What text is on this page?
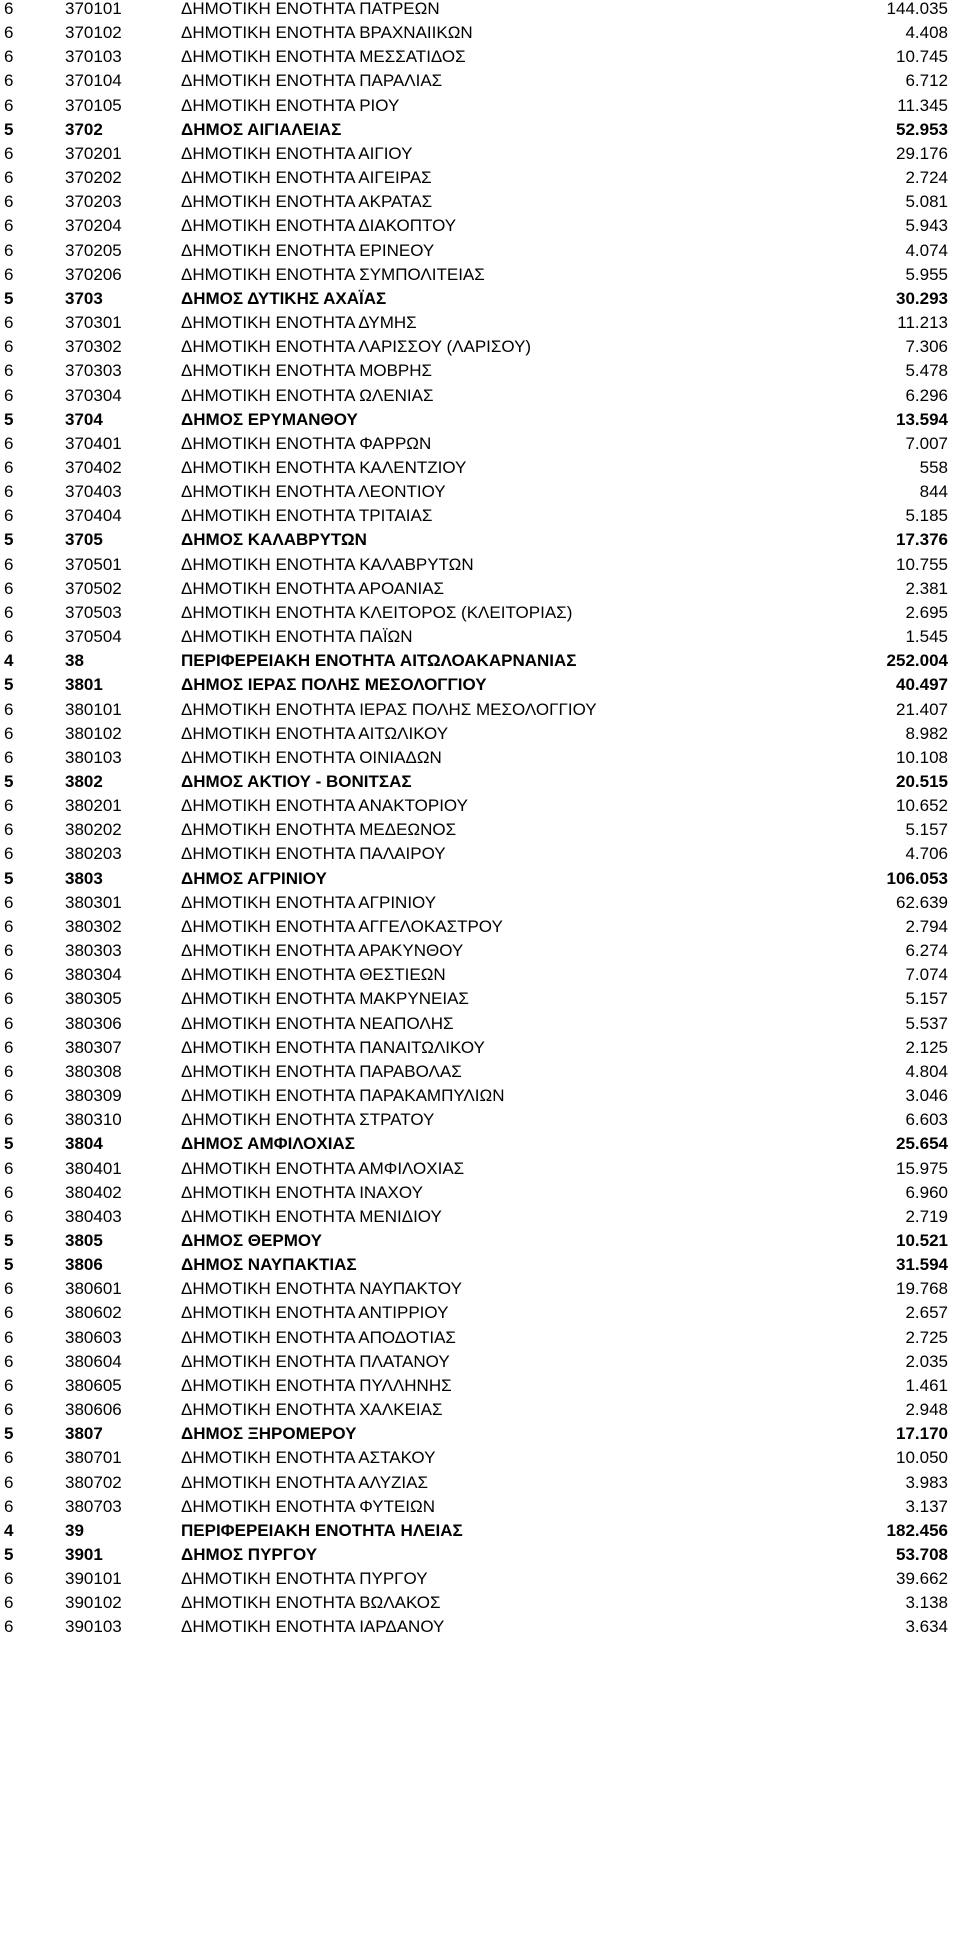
6	370101	ΔΗΜΟΤΙΚΗ ΕΝΟΤΗΤΑ ΠΑΤΡΕΩΝ	144.035
6	370102	ΔΗΜΟΤΙΚΗ ΕΝΟΤΗΤΑ ΒΡΑΧΝΑΙΙΚΩΝ	4.408
6	370103	ΔΗΜΟΤΙΚΗ ΕΝΟΤΗΤΑ ΜΕΣΣΑΤΙΔΟΣ	10.745
6	370104	ΔΗΜΟΤΙΚΗ ΕΝΟΤΗΤΑ ΠΑΡΑΛΙΑΣ	6.712
6	370105	ΔΗΜΟΤΙΚΗ ΕΝΟΤΗΤΑ ΡΙΟΥ	11.345
5	3702	ΔΗΜΟΣ ΑΙΓΙΑΛΕΙΑΣ	52.953
6	370201	ΔΗΜΟΤΙΚΗ ΕΝΟΤΗΤΑ ΑΙΓΙΟΥ	29.176
6	370202	ΔΗΜΟΤΙΚΗ ΕΝΟΤΗΤΑ ΑΙΓΕΙΡΑΣ	2.724
6	370203	ΔΗΜΟΤΙΚΗ ΕΝΟΤΗΤΑ ΑΚΡΑΤΑΣ	5.081
6	370204	ΔΗΜΟΤΙΚΗ ΕΝΟΤΗΤΑ ΔΙΑΚΟΠΤΟΥ	5.943
6	370205	ΔΗΜΟΤΙΚΗ ΕΝΟΤΗΤΑ ΕΡΙΝΕΟΥ	4.074
6	370206	ΔΗΜΟΤΙΚΗ ΕΝΟΤΗΤΑ ΣΥΜΠΟΛΙΤΕΙΑΣ	5.955
5	3703	ΔΗΜΟΣ ΔΥΤΙΚΗΣ ΑΧΑΪΑΣ	30.293
6	370301	ΔΗΜΟΤΙΚΗ ΕΝΟΤΗΤΑ ΔΥΜΗΣ	11.213
6	370302	ΔΗΜΟΤΙΚΗ ΕΝΟΤΗΤΑ ΛΑΡΙΣΣΟΥ (ΛΑΡΙΣΟΥ)	7.306
6	370303	ΔΗΜΟΤΙΚΗ ΕΝΟΤΗΤΑ ΜΟΒΡΗΣ	5.478
6	370304	ΔΗΜΟΤΙΚΗ ΕΝΟΤΗΤΑ ΩΛΕΝΙΑΣ	6.296
5	3704	ΔΗΜΟΣ ΕΡΥΜΑΝΘΟΥ	13.594
6	370401	ΔΗΜΟΤΙΚΗ ΕΝΟΤΗΤΑ ΦΑΡΡΩΝ	7.007
6	370402	ΔΗΜΟΤΙΚΗ ΕΝΟΤΗΤΑ ΚΑΛΕΝΤΖΙΟΥ	558
6	370403	ΔΗΜΟΤΙΚΗ ΕΝΟΤΗΤΑ ΛΕΟΝΤΙΟΥ	844
6	370404	ΔΗΜΟΤΙΚΗ ΕΝΟΤΗΤΑ ΤΡΙΤΑΙΑΣ	5.185
5	3705	ΔΗΜΟΣ ΚΑΛΑΒΡΥΤΩΝ	17.376
6	370501	ΔΗΜΟΤΙΚΗ ΕΝΟΤΗΤΑ ΚΑΛΑΒΡΥΤΩΝ	10.755
6	370502	ΔΗΜΟΤΙΚΗ ΕΝΟΤΗΤΑ ΑΡΟΑΝΙΑΣ	2.381
6	370503	ΔΗΜΟΤΙΚΗ ΕΝΟΤΗΤΑ ΚΛΕΙΤΟΡΟΣ (ΚΛΕΙΤΟΡΙΑΣ)	2.695
6	370504	ΔΗΜΟΤΙΚΗ ΕΝΟΤΗΤΑ ΠΑΪΩΝ	1.545
4	38	ΠΕΡΙΦΕΡΕΙΑΚΗ ΕΝΟΤΗΤΑ ΑΙΤΩΛΟΑΚΑΡΝΑΝΙΑΣ	252.004
5	3801	ΔΗΜΟΣ ΙΕΡΑΣ ΠΟΛΗΣ ΜΕΣΟΛΟΓΓΙΟΥ	40.497
6	380101	ΔΗΜΟΤΙΚΗ ΕΝΟΤΗΤΑ ΙΕΡΑΣ ΠΟΛΗΣ ΜΕΣΟΛΟΓΓΙΟΥ	21.407
6	380102	ΔΗΜΟΤΙΚΗ ΕΝΟΤΗΤΑ ΑΙΤΩΛΙΚΟΥ	8.982
6	380103	ΔΗΜΟΤΙΚΗ ΕΝΟΤΗΤΑ ΟΙΝΙΑΔΩΝ	10.108
5	3802	ΔΗΜΟΣ ΑΚΤΙΟΥ - ΒΟΝΙΤΣΑΣ	20.515
6	380201	ΔΗΜΟΤΙΚΗ ΕΝΟΤΗΤΑ ΑΝΑΚΤΟΡΙΟΥ	10.652
6	380202	ΔΗΜΟΤΙΚΗ ΕΝΟΤΗΤΑ ΜΕΔΕΩΝΟΣ	5.157
6	380203	ΔΗΜΟΤΙΚΗ ΕΝΟΤΗΤΑ ΠΑΛΑΙΡΟΥ	4.706
5	3803	ΔΗΜΟΣ ΑΓΡΙΝΙΟΥ	106.053
6	380301	ΔΗΜΟΤΙΚΗ ΕΝΟΤΗΤΑ ΑΓΡΙΝΙΟΥ	62.639
6	380302	ΔΗΜΟΤΙΚΗ ΕΝΟΤΗΤΑ ΑΓΓΕΛΟΚΑΣΤΡΟΥ	2.794
6	380303	ΔΗΜΟΤΙΚΗ ΕΝΟΤΗΤΑ ΑΡΑΚΥΝΘΟΥ	6.274
6	380304	ΔΗΜΟΤΙΚΗ ΕΝΟΤΗΤΑ ΘΕΣΤΙΕΩΝ	7.074
6	380305	ΔΗΜΟΤΙΚΗ ΕΝΟΤΗΤΑ ΜΑΚΡΥΝΕΙΑΣ	5.157
6	380306	ΔΗΜΟΤΙΚΗ ΕΝΟΤΗΤΑ ΝΕΑΠΟΛΗΣ	5.537
6	380307	ΔΗΜΟΤΙΚΗ ΕΝΟΤΗΤΑ ΠΑΝΑΙΤΩΛΙΚΟΥ	2.125
6	380308	ΔΗΜΟΤΙΚΗ ΕΝΟΤΗΤΑ ΠΑΡΑΒΟΛΑΣ	4.804
6	380309	ΔΗΜΟΤΙΚΗ ΕΝΟΤΗΤΑ ΠΑΡΑΚΑΜΠΥΛΙΩΝ	3.046
6	380310	ΔΗΜΟΤΙΚΗ ΕΝΟΤΗΤΑ ΣΤΡΑΤΟΥ	6.603
5	3804	ΔΗΜΟΣ ΑΜΦΙΛΟΧΙΑΣ	25.654
6	380401	ΔΗΜΟΤΙΚΗ ΕΝΟΤΗΤΑ ΑΜΦΙΛΟΧΙΑΣ	15.975
6	380402	ΔΗΜΟΤΙΚΗ ΕΝΟΤΗΤΑ ΙΝΑΧΟΥ	6.960
6	380403	ΔΗΜΟΤΙΚΗ ΕΝΟΤΗΤΑ ΜΕΝΙΔΙΟΥ	2.719
5	3805	ΔΗΜΟΣ ΘΕΡΜΟΥ	10.521
5	3806	ΔΗΜΟΣ ΝΑΥΠΑΚΤΙΑΣ	31.594
6	380601	ΔΗΜΟΤΙΚΗ ΕΝΟΤΗΤΑ ΝΑΥΠΑΚΤΟΥ	19.768
6	380602	ΔΗΜΟΤΙΚΗ ΕΝΟΤΗΤΑ ΑΝΤΙΡΡΙΟΥ	2.657
6	380603	ΔΗΜΟΤΙΚΗ ΕΝΟΤΗΤΑ ΑΠΟΔΟΤΙΑΣ	2.725
6	380604	ΔΗΜΟΤΙΚΗ ΕΝΟΤΗΤΑ ΠΛΑΤΑΝΟΥ	2.035
6	380605	ΔΗΜΟΤΙΚΗ ΕΝΟΤΗΤΑ ΠΥΛΛΗΝΗΣ	1.461
6	380606	ΔΗΜΟΤΙΚΗ ΕΝΟΤΗΤΑ ΧΑΛΚΕΙΑΣ	2.948
5	3807	ΔΗΜΟΣ ΞΗΡΟΜΕΡΟΥ	17.170
6	380701	ΔΗΜΟΤΙΚΗ ΕΝΟΤΗΤΑ ΑΣΤΑΚΟΥ	10.050
6	380702	ΔΗΜΟΤΙΚΗ ΕΝΟΤΗΤΑ ΑΛΥΖΙΑΣ	3.983
6	380703	ΔΗΜΟΤΙΚΗ ΕΝΟΤΗΤΑ ΦΥΤΕΙΩΝ	3.137
4	39	ΠΕΡΙΦΕΡΕΙΑΚΗ ΕΝΟΤΗΤΑ ΗΛΕΙΑΣ	182.456
5	3901	ΔΗΜΟΣ ΠΥΡΓΟΥ	53.708
6	390101	ΔΗΜΟΤΙΚΗ ΕΝΟΤΗΤΑ ΠΥΡΓΟΥ	39.662
6	390102	ΔΗΜΟΤΙΚΗ ΕΝΟΤΗΤΑ ΒΩΛΑΚΟΣ	3.138
6	390103	ΔΗΜΟΤΙΚΗ ΕΝΟΤΗΤΑ ΙΑΡΔΑΝΟΥ	3.634
